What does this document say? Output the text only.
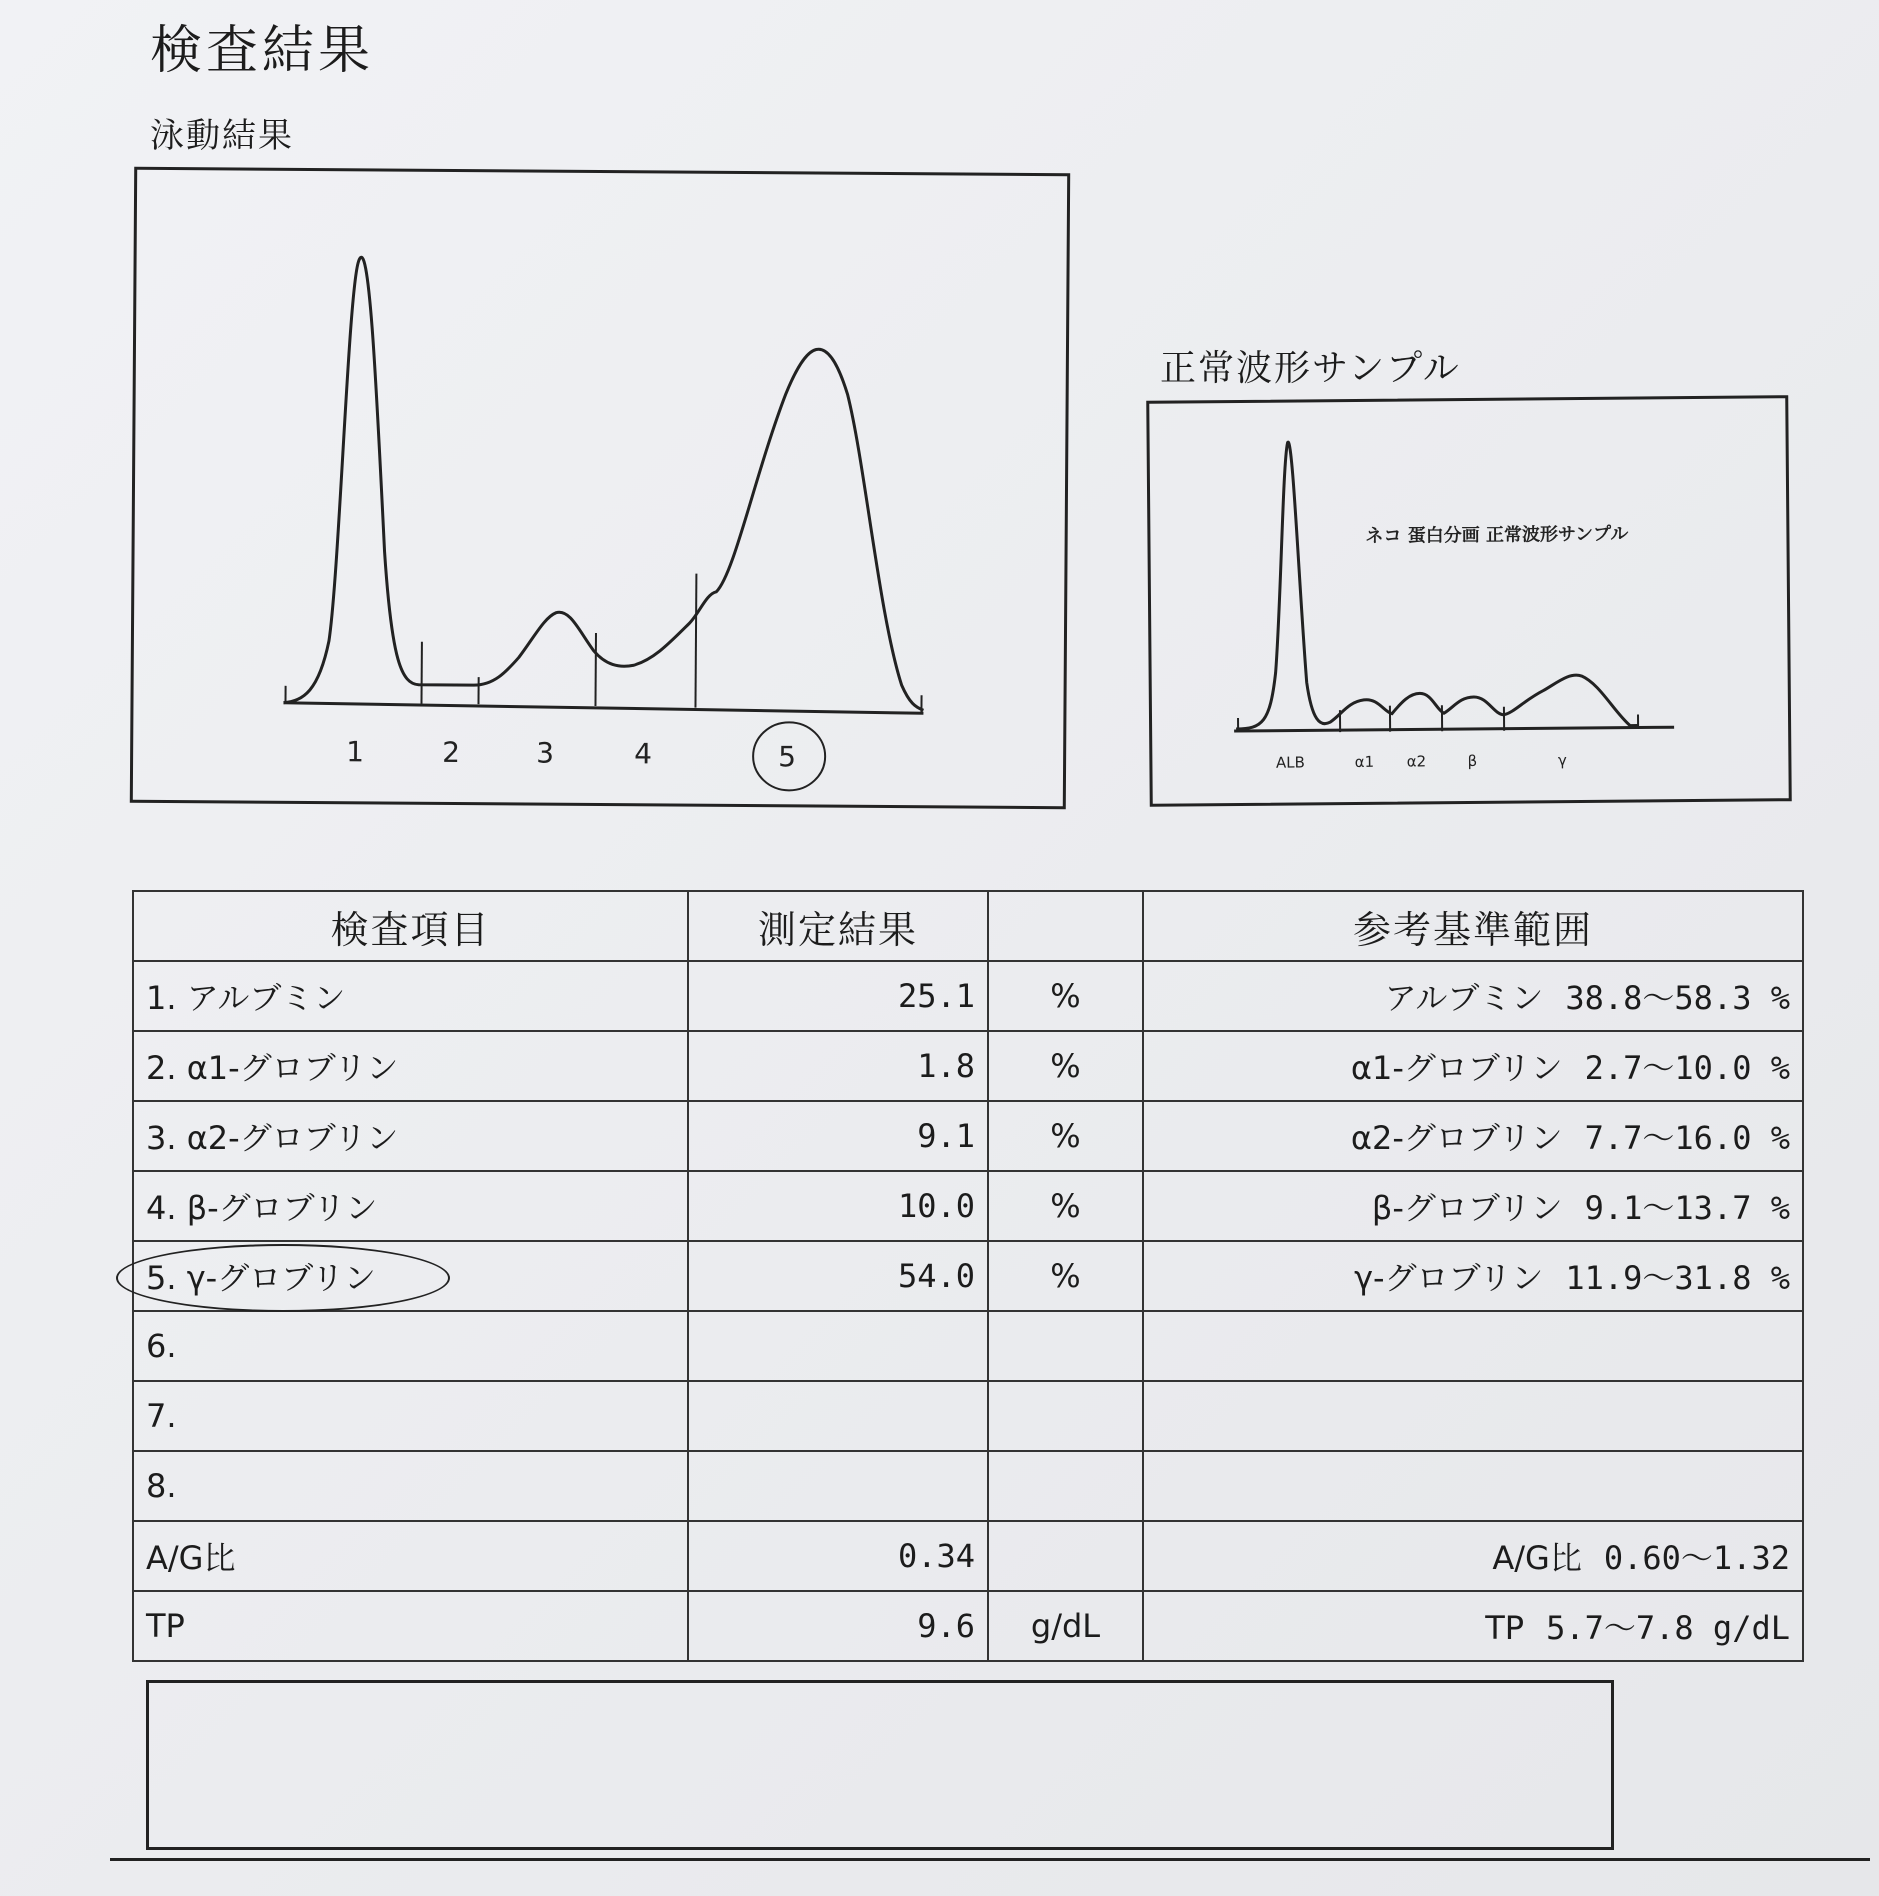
検査結果
泳動結果
正常波形サンプル
1	2	3	4	5
ネコ 蛋白分画 正常波形サンプル
ALB	α1 α2	β	γ
検査項目	測定結果		参考基準範囲
1. アルブミン	25.1	%	アルブミン 38.8～58.3 %
2. α1-グロブリン	1.8	%	α1-グロブリン 2.7～10.0 %
3. α2-グロブリン	9.1	%	α2-グロブリン 7.7～16.0 %
4. β-グロブリン	10.0	%	β-グロブリン 9.1～13.7 %
5. γ-グロブリン	54.0	%	γ-グロブリン 11.9～31.8 %
6.			
7.			
8.			
A/G比	0.34		A/G比 0.60～1.32
TP	9.6	g/dL	TP 5.7～7.8 g/dL
